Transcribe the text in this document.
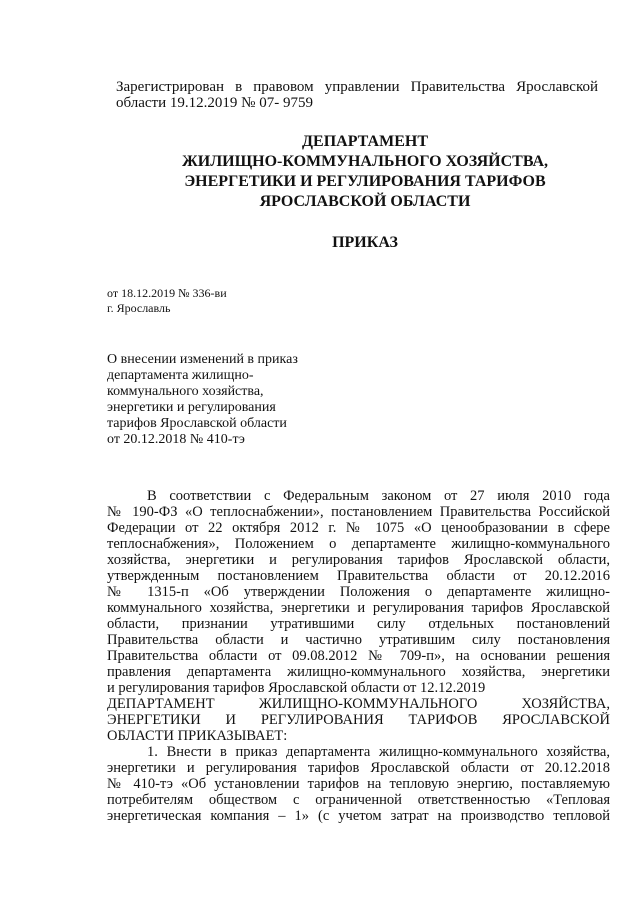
Зарегистрирован в правовом управлении Правительства Ярославской
области 19.12.2019 № 07- 9759
ДЕПАРТАМЕНТ
ЖИЛИЩНО-КОММУНАЛЬНОГО ХОЗЯЙСТВА,
ЭНЕРГЕТИКИ И РЕГУЛИРОВАНИЯ ТАРИФОВ
ЯРОСЛАВСКОЙ ОБЛАСТИ
ПРИКАЗ
от 18.12.2019 № 336-ви
г. Ярославль
О внесении изменений в приказ
департамента жилищно-
коммунального хозяйства,
энергетики и регулирования
тарифов Ярославской области
от 20.12.2018 № 410-тэ
В соответствии с Федеральным законом от 27 июля 2010 года
№ 190-ФЗ «О теплоснабжении», постановлением Правительства Российской
Федерации от 22 октября 2012 г. № 1075 «О ценообразовании в сфере
теплоснабжения», Положением о департаменте жилищно-коммунального
хозяйства, энергетики и регулирования тарифов Ярославской области,
утвержденным постановлением Правительства области от 20.12.2016
№ 1315-п «Об утверждении Положения о департаменте жилищно-
коммунального хозяйства, энергетики и регулирования тарифов Ярославской
области, признании утратившими силу отдельных постановлений
Правительства области и частично утратившим силу постановления
Правительства области от 09.08.2012 № 709-п», на основании решения
правления департамента жилищно-коммунального хозяйства, энергетики
и регулирования тарифов Ярославской области от 12.12.2019
ДЕПАРТАМЕНТ ЖИЛИЩНО-КОММУНАЛЬНОГО ХОЗЯЙСТВА,
ЭНЕРГЕТИКИ И РЕГУЛИРОВАНИЯ ТАРИФОВ ЯРОСЛАВСКОЙ
ОБЛАСТИ ПРИКАЗЫВАЕТ:
1. Внести в приказ департамента жилищно-коммунального хозяйства,
энергетики и регулирования тарифов Ярославской области от 20.12.2018
№ 410-тэ «Об установлении тарифов на тепловую энергию, поставляемую
потребителям обществом с ограниченной ответственностью «Тепловая
энергетическая компания – 1» (с учетом затрат на производство тепловой
